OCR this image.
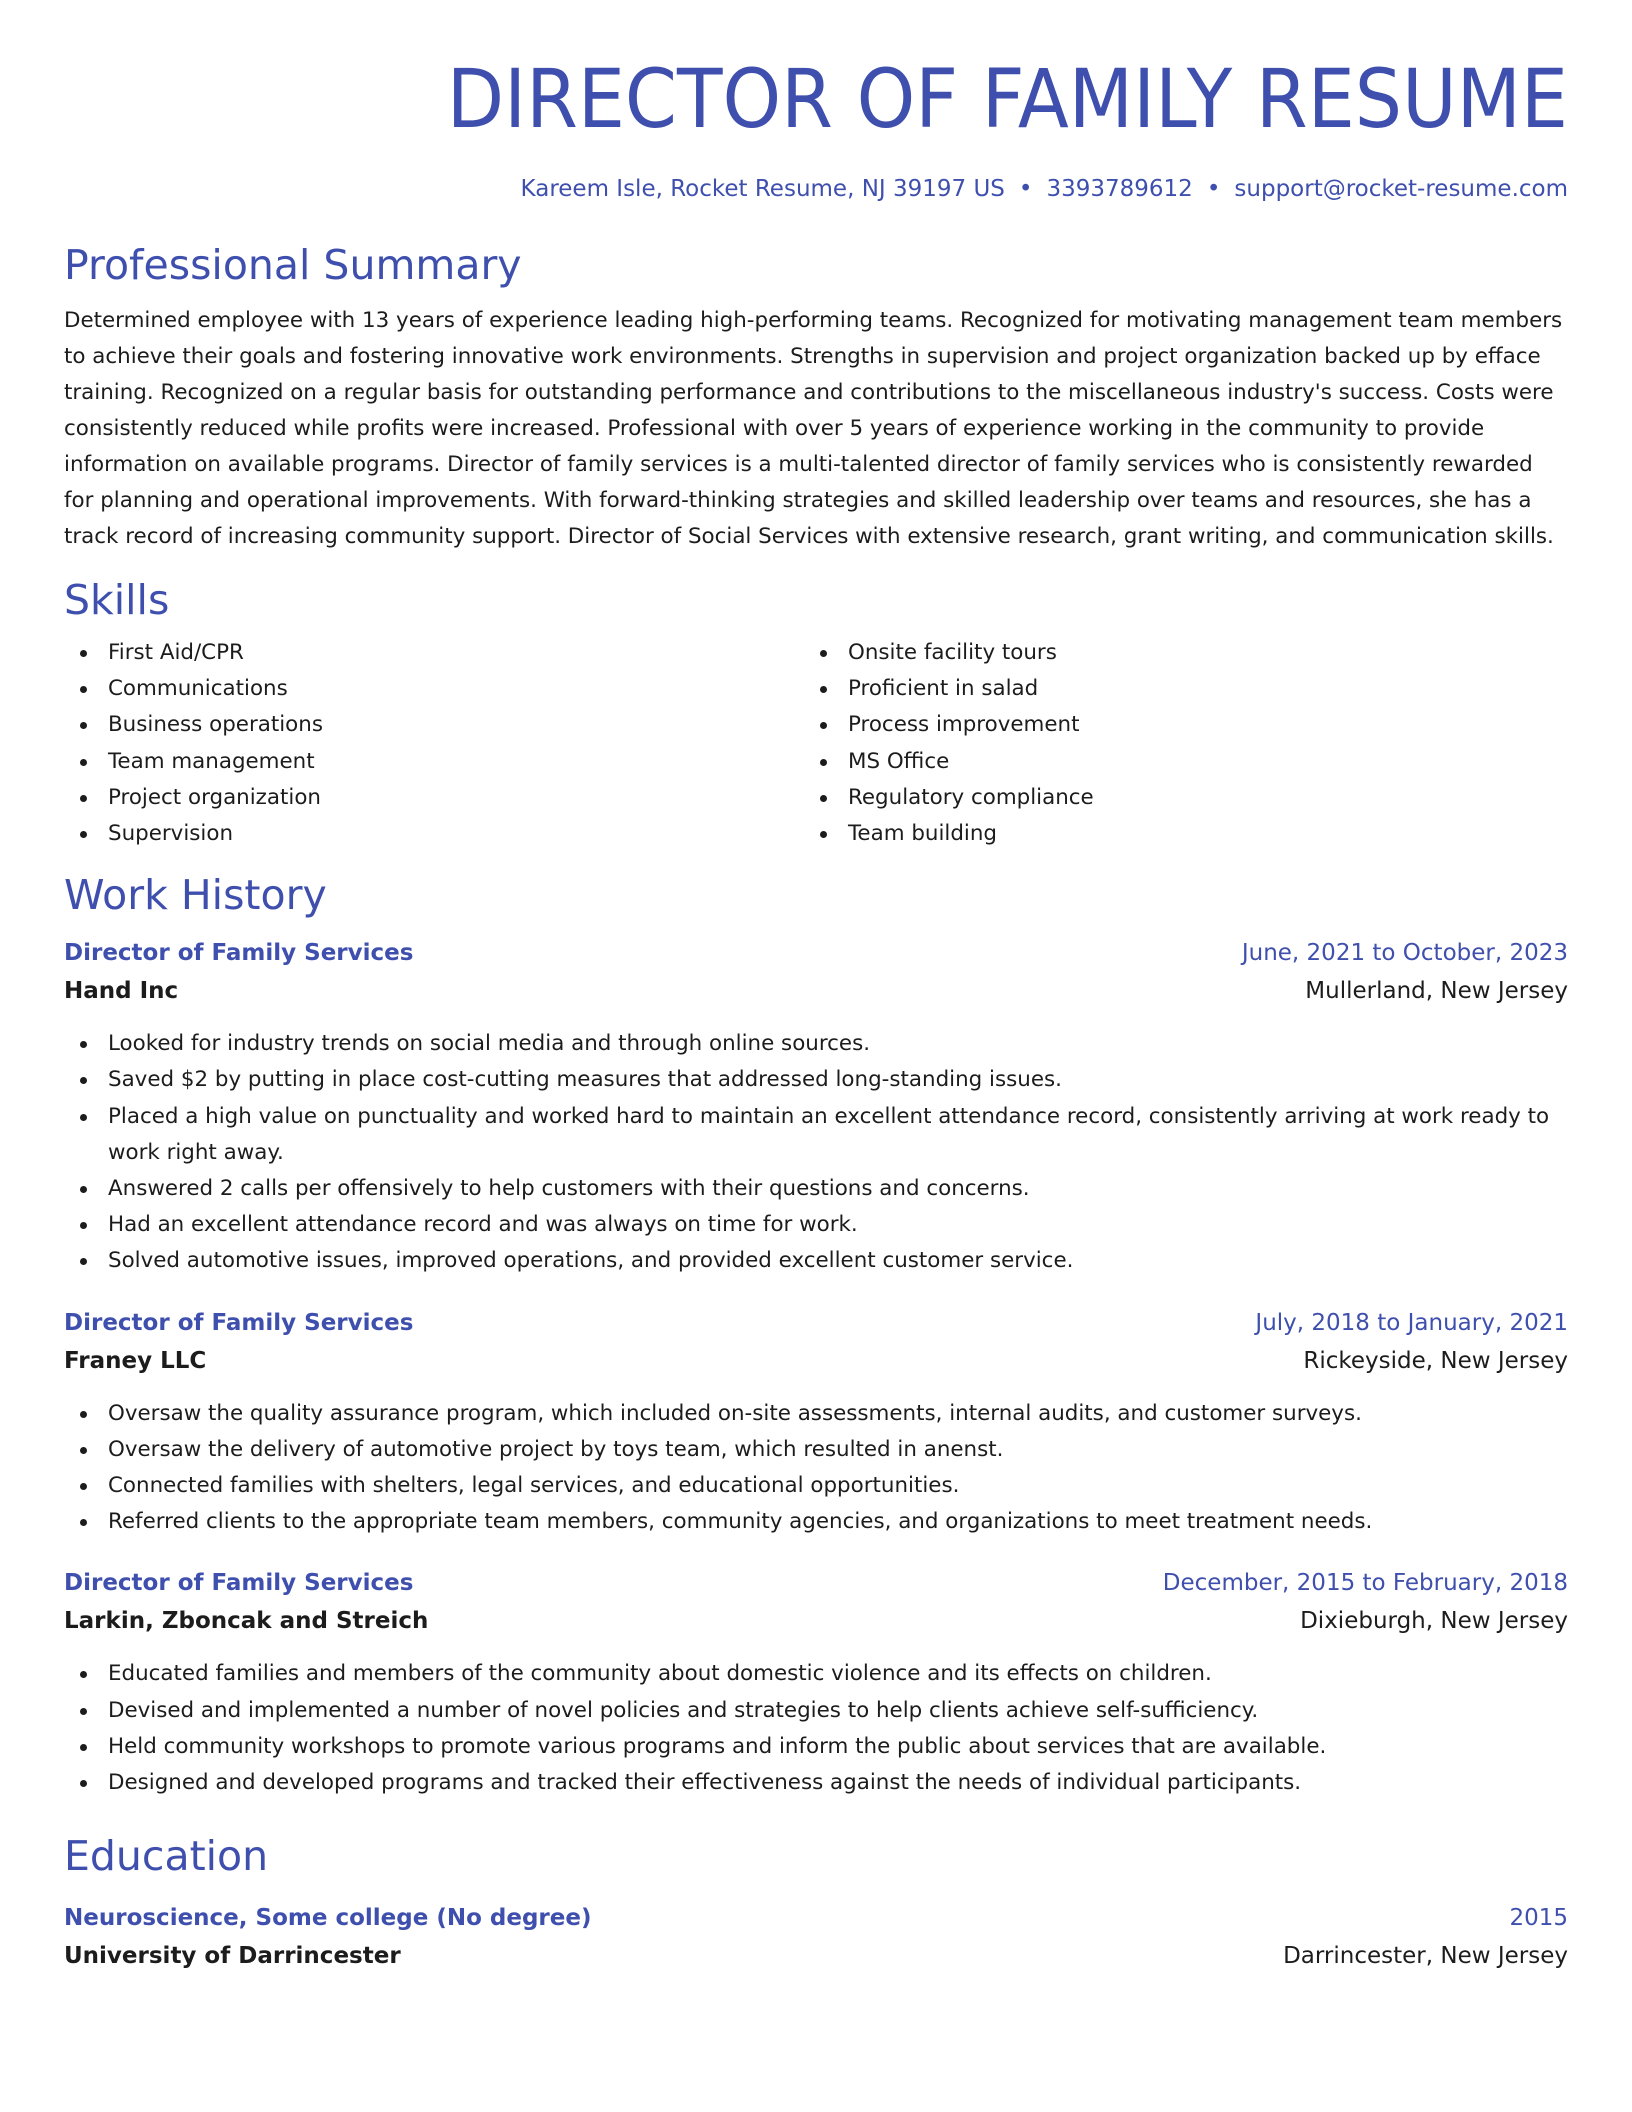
DIRECTOR OF FAMILY RESUME
Kareem Isle, Rocket Resume, NJ 39197 US • 3393789612 • support@rocket-resume.com
Professional Summary

Determined employee with 13 years of experience leading high-performing teams. Recognized for motivating management team members to achieve their goals and fostering innovative work environments. Strengths in supervision and project organization backed up by efface training. Recognized on a regular basis for outstanding performance and contributions to the miscellaneous industry's success. Costs were consistently reduced while profits were increased. Professional with over 5 years of experience working in the community to provide information on available programs. Director of family services is a multi-talented director of family services who is consistently rewarded for planning and operational improvements. With forward-thinking strategies and skilled leadership over teams and resources, she has a track record of increasing community support. Director of Social Services with extensive research, grant writing, and communication skills.

Skills
First Aid/CPR
Communications
Business operations
Team management
Project organization
Supervision
Onsite facility tours
Proficient in salad
Process improvement
MS Office
Regulatory compliance
Team building
Work History
Director of Family Services	June, 2021 to October, 2023
Hand Inc	Mullerland, New Jersey
Looked for industry trends on social media and through online sources.
Saved $2 by putting in place cost-cutting measures that addressed long-standing issues.
Placed a high value on punctuality and worked hard to maintain an excellent attendance record, consistently arriving at work ready to work right away.
Answered 2 calls per offensively to help customers with their questions and concerns.
Had an excellent attendance record and was always on time for work.
Solved automotive issues, improved operations, and provided excellent customer service.
Director of Family Services	July, 2018 to January, 2021
Franey LLC	Rickeyside, New Jersey
Oversaw the quality assurance program, which included on-site assessments, internal audits, and customer surveys.
Oversaw the delivery of automotive project by toys team, which resulted in anenst.
Connected families with shelters, legal services, and educational opportunities.
Referred clients to the appropriate team members, community agencies, and organizations to meet treatment needs.
Director of Family Services	December, 2015 to February, 2018
Larkin, Zboncak and Streich	Dixieburgh, New Jersey
Educated families and members of the community about domestic violence and its effects on children.
Devised and implemented a number of novel policies and strategies to help clients achieve self-sufficiency.
Held community workshops to promote various programs and inform the public about services that are available.
Designed and developed programs and tracked their effectiveness against the needs of individual participants.
Education
Neuroscience, Some college (No degree)	2015
University of Darrincester	Darrincester, New Jersey
